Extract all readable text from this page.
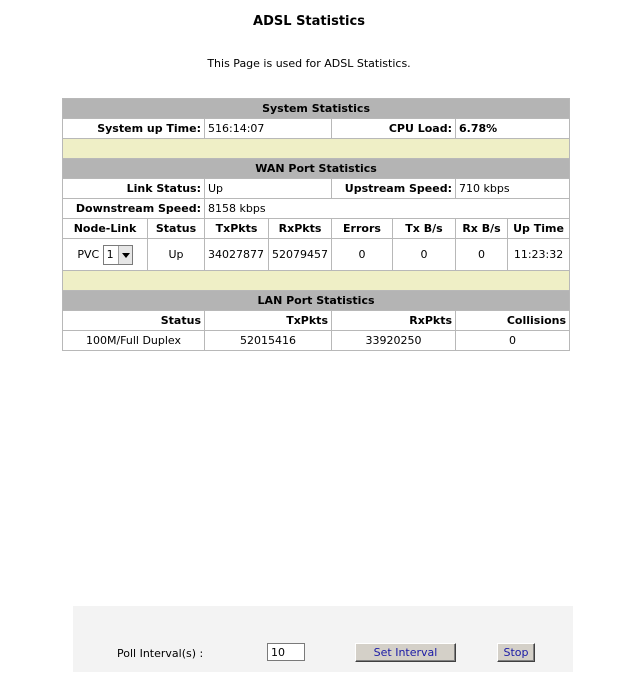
ADSL Statistics
This Page is used for ADSL Statistics.
System Statistics							
System up Time:		516:14:07		CPU Load:		6.78%	

WAN Port Statistics							
Link Status:		Up		Upstream Speed:		710 kbps	
Downstream Speed:		8158 kbps					
Node-Link	Status	TxPkts	RxPkts	Errors	Tx B/s	Rx B/s	Up Time
PVC 1	Up	34027877	52079457	0	0	0	11:23:32

LAN Port Statistics							
Status		TxPkts		RxPkts		Collisions	
100M/Full Duplex		52015416		33920250		0	
Poll Interval(s) :
10	Set Interval	Stop
